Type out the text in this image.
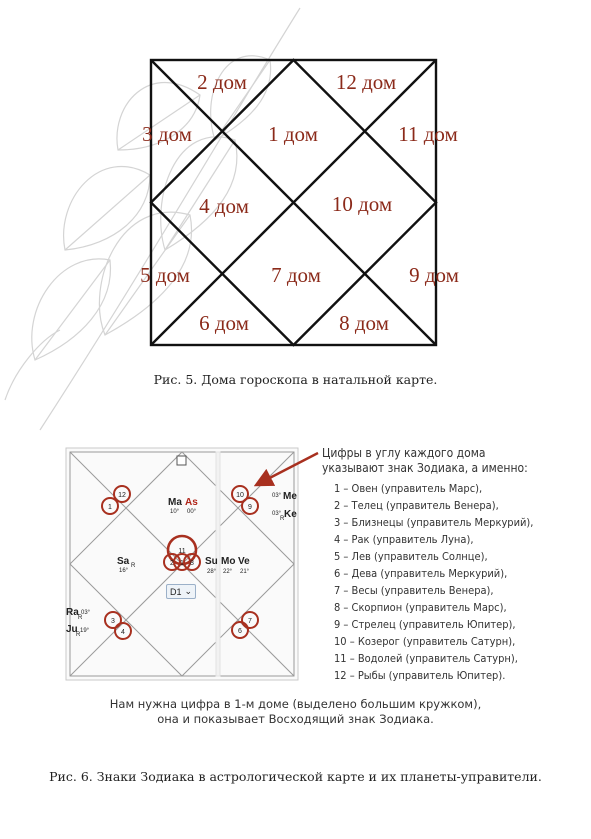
2 дом	12 дом
3 дом	1 дом	11 дом
4 дом	10 дом
5 дом	7 дом	9 дом
6 дом	8 дом
Рис. 5. Дома гороскопа в натальной карте.
12
1
10
9
11
2 1 8
3
4
7
6
Ma
10°
As
00°
03° Me
03°
R Ke
Sa R
16°
Su
28°
Mo
22°
Ve
21°
Ra R
03°
Ju
R
19°
D1 ⌄
Цифры в углу каждого дома
указывают знак Зодиака, а именно:
1 – Овен (управитель Марс),
2 – Телец (управитель Венера),
3 – Близнецы (управитель Меркурий),
4 – Рак (управитель Луна),
5 – Лев (управитель Солнце),
6 – Дева (управитель Меркурий),
7 – Весы (управитель Венера),
8 – Скорпион (управитель Марс),
9 – Стрелец (управитель Юпитер),
10 – Козерог (управитель Сатурн),
11 – Водолей (управитель Сатурн),
12 – Рыбы (управитель Юпитер).
Нам нужна цифра в 1-м доме (выделено большим кружком),
она и показывает Восходящий знак Зодиака.
Рис. 6. Знаки Зодиака в астрологической карте и их планеты-управители.
